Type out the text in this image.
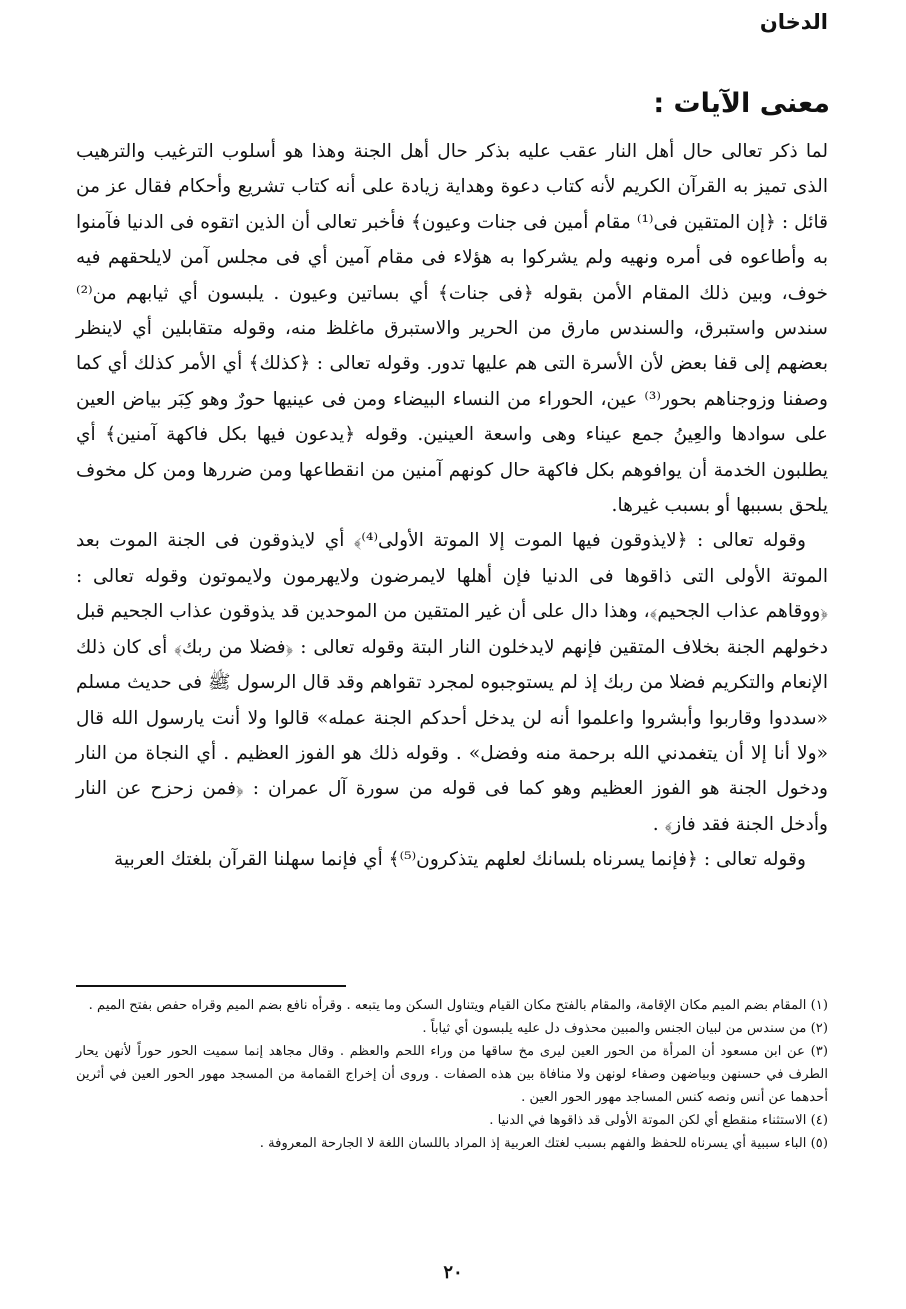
الدخان
معنى الآيات :

لما ذكر تعالى حال أهل النار عقب عليه بذكر حال أهل الجنة وهذا هو أسلوب الترغيب والترهيب الذى تميز به القرآن الكريم لأنه كتاب دعوة وهداية زيادة على أنه كتاب تشريع وأحكام فقال عز من قائل : ﴿إن المتقين فى⁽¹⁾ مقام أمين فى جنات وعيون﴾ فأخبر تعالى أن الذين اتقوه فى الدنيا فآمنوا به وأطاعوه فى أمره ونهيه ولم يشركوا به هؤلاء فى مقام آمين أي فى مجلس آمن لايلحقهم فيه خوف، وبين ذلك المقام الأمن بقوله ﴿فى جنات﴾ أي بساتين وعيون . يلبسون أي ثيابهم من⁽²⁾ سندس واستبرق، والسندس مارق من الحرير والاستبرق ماغلظ منه، وقوله متقابلين أي لاينظر بعضهم إلى قفا بعض لأن الأسرة التى هم عليها تدور. وقوله تعالى : ﴿كذلك﴾ أي الأمر كذلك أي كما وصفنا وزوجناهم بحور⁽³⁾ عين، الحوراء من النساء البيضاء ومن فى عينيها حورٌ وهو كِبَر بياض العين على سوادها والعِينُ جمع عيناء وهى واسعة العينين. وقوله ﴿يدعون فيها بكل فاكهة آمنين﴾ أي يطلبون الخدمة أن يوافوهم بكل فاكهة حال كونهم آمنين من انقطاعها ومن ضررها ومن كل مخوف يلحق بسببها أو بسبب غيرها.

وقوله تعالى : ﴿لايذوقون فيها الموت إلا الموتة الأولى⁽⁴⁾﴾ أي لايذوقون فى الجنة الموت بعد الموتة الأولى التى ذاقوها فى الدنيا فإن أهلها لايمرضون ولايهرمون ولايموتون وقوله تعالى : ﴿ووقاهم عذاب الجحيم﴾، وهذا دال على أن غير المتقين من الموحدين قد يذوقون عذاب الجحيم قبل دخولهم الجنة بخلاف المتقين فإنهم لايدخلون النار البتة وقوله تعالى : ﴿فضلا من ربك﴾ أى كان ذلك الإنعام والتكريم فضلا من ربك إذ لم يستوجبوه لمجرد تقواهم وقد قال الرسول ﷺ فى حديث مسلم «سددوا وقاربوا وأبشروا واعلموا أنه لن يدخل أحدكم الجنة عمله» قالوا ولا أنت يارسول الله قال «ولا أنا إلا أن يتغمدني الله برحمة منه وفضل» . وقوله ذلك هو الفوز العظيم . أي النجاة من النار ودخول الجنة هو الفوز العظيم وهو كما فى قوله من سورة آل عمران : ﴿فمن زحزح عن النار وأدخل الجنة فقد فاز﴾ .

وقوله تعالى : ﴿فإنما يسرناه بلسانك لعلهم يتذكرون⁽⁵⁾﴾ أي فإنما سهلنا القرآن بلغتك العربية

(١) المقام بضم الميم مكان الإقامة، والمقام بالفتح مكان القيام ويتناول السكن وما يتبعه . وقرأه نافع بضم الميم وقراه حفص بفتح الميم .

(٢) من سندس من لبيان الجنس والمبين محذوف دل عليه يلبسون أي ثياباً .

(٣) عن ابن مسعود أن المرأة من الحور العين ليرى مخ ساقها من وراء اللحم والعظم . وقال مجاهد إنما سميت الحور حوراً لأنهن يحار الطرف في حسنهن وبياضهن وصفاء لونهن ولا منافاة بين هذه الصفات . وروى أن إخراج القمامة من المسجد مهور الحور العين في أثرين أحدهما عن أنس ونصه كنس المساجد مهور الحور العين .

(٤) الاستثناء منقطع أي لكن الموتة الأولى قد ذاقوها في الدنيا .

(٥) الباء سببية أي يسرناه للحفظ والفهم بسبب لغتك العربية إذ المراد باللسان اللغة لا الجارحة المعروفة .

٢٠
